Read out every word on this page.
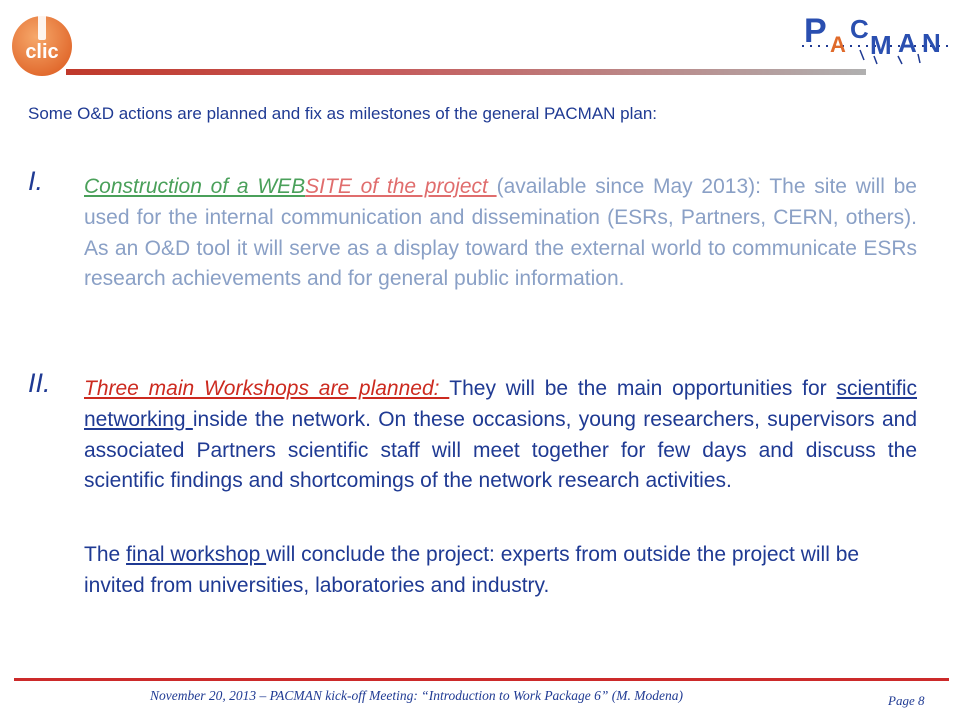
clic
P A
C
M A N
Some O&D actions are planned and fix as milestones of the general PACMAN plan:
I. Construction of a WEBSITE of the project (available since May 2013): The site will be used for the internal communication and dissemination (ESRs, Partners, CERN, others). As an O&D tool it will serve as a display toward the external world to communicate ESRs research achievements and for general public information.
II. Three main Workshops are planned: They will be the main opportunities for scientific networking inside the network. On these occasions, young researchers, supervisors and associated Partners scientific staff will meet together for few days and discuss the scientific findings and shortcomings of the network research activities.
The final workshop will conclude the project: experts from outside the project will be invited from universities, laboratories and industry.
November 20, 2013 – PACMAN kick-off Meeting: “Introduction to Work Package 6” (M. Modena)	Page 8
